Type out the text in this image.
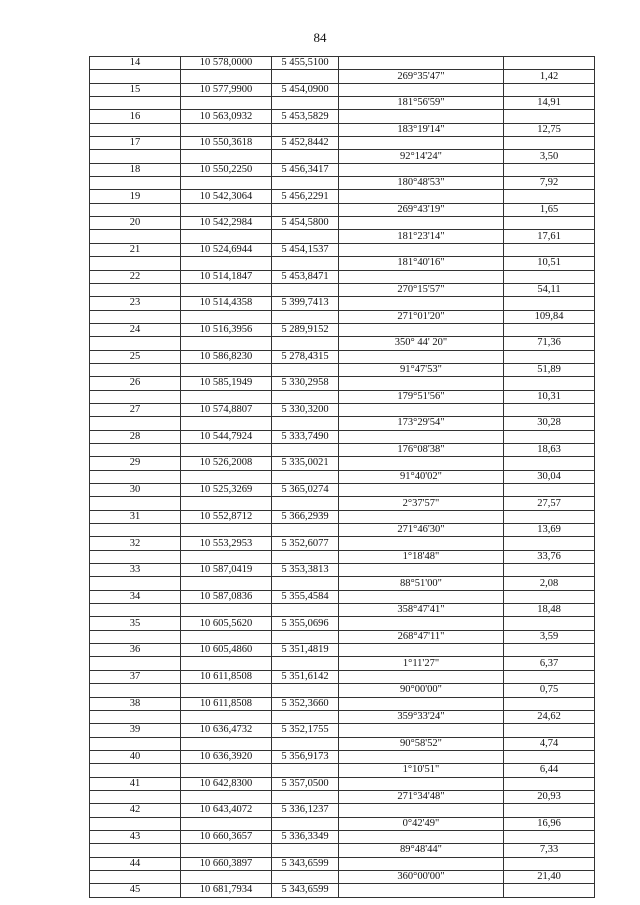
84
14	10 578,0000	5 455,5100		
			269°35'47"	1,42
15	10 577,9900	5 454,0900		
			181°56'59"	14,91
16	10 563,0932	5 453,5829		
			183°19'14"	12,75
17	10 550,3618	5 452,8442		
			92°14'24"	3,50
18	10 550,2250	5 456,3417		
			180°48'53"	7,92
19	10 542,3064	5 456,2291		
			269°43'19"	1,65
20	10 542,2984	5 454,5800		
			181°23'14"	17,61
21	10 524,6944	5 454,1537		
			181°40'16"	10,51
22	10 514,1847	5 453,8471		
			270°15'57"	54,11
23	10 514,4358	5 399,7413		
			271°01'20"	109,84
24	10 516,3956	5 289,9152		
			350° 44' 20"	71,36
25	10 586,8230	5 278,4315		
			91°47'53"	51,89
26	10 585,1949	5 330,2958		
			179°51'56"	10,31
27	10 574,8807	5 330,3200		
			173°29'54"	30,28
28	10 544,7924	5 333,7490		
			176°08'38"	18,63
29	10 526,2008	5 335,0021		
			91°40'02"	30,04
30	10 525,3269	5 365,0274		
			2°37'57"	27,57
31	10 552,8712	5 366,2939		
			271°46'30"	13,69
32	10 553,2953	5 352,6077		
			1°18'48"	33,76
33	10 587,0419	5 353,3813		
			88°51'00"	2,08
34	10 587,0836	5 355,4584		
			358°47'41"	18,48
35	10 605,5620	5 355,0696		
			268°47'11"	3,59
36	10 605,4860	5 351,4819		
			1°11'27"	6,37
37	10 611,8508	5 351,6142		
			90°00'00"	0,75
38	10 611,8508	5 352,3660		
			359°33'24"	24,62
39	10 636,4732	5 352,1755		
			90°58'52"	4,74
40	10 636,3920	5 356,9173		
			1°10'51"	6,44
41	10 642,8300	5 357,0500		
			271°34'48"	20,93
42	10 643,4072	5 336,1237		
			0°42'49"	16,96
43	10 660,3657	5 336,3349		
			89°48'44"	7,33
44	10 660,3897	5 343,6599		
			360°00'00"	21,40
45	10 681,7934	5 343,6599		
